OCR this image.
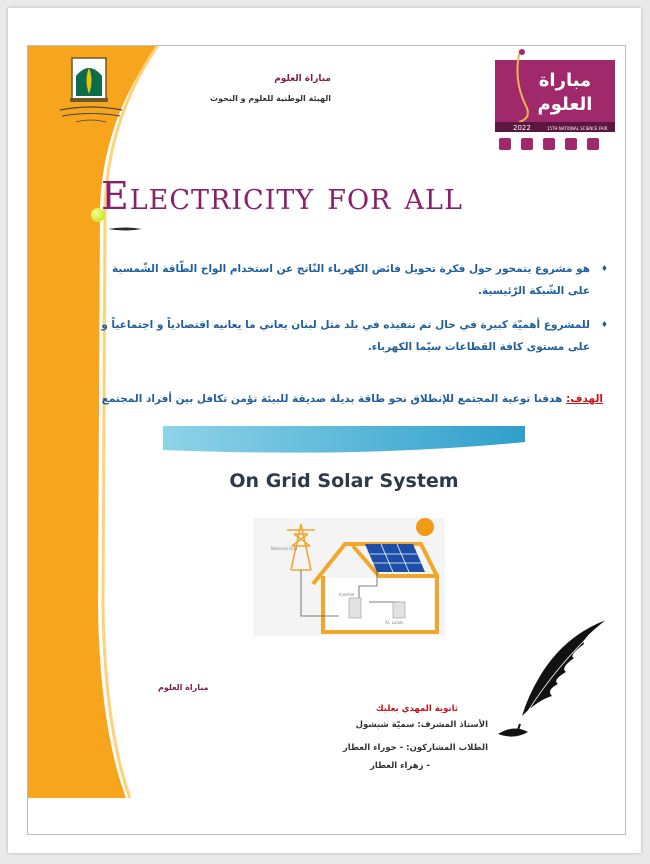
مباراة العلوم
الهيئة الوطنية للعلوم و البحوث
مباراة
العلوم
2022	15TH NATIONAL SCIENCE FAIR
Electricity for all
♦ هو مشروع يتمحور حول فكرة تحويل فائض الكهرباء النّاتج عن استخدام الواح الطّاقة الشّمسية على الشّبكة الرّئيسية.
♦ للمشروع أهميّة كبيرة في حال تم تنفيذه في بلد مثل لبنان يعاني ما يعانيه اقتصادياً و اجتماعياً و على مستوى كافة القطاعات سيّما الكهرباء.
الهدف: هدفنا توعية المجتمع للإنطلاق نحو طاقة بديلة صديقة للبيئة تؤمن تكافل بين أفراد المجتمع
National Grid
Inverter
AC Loads
On Grid Solar System
مباراة العلوم
ثانوية المهدي بعلبك
الأستاذ المشرف: سميّة شبشول
الطلاب المشاركون: - حوراء العطار
- زهراء العطار
